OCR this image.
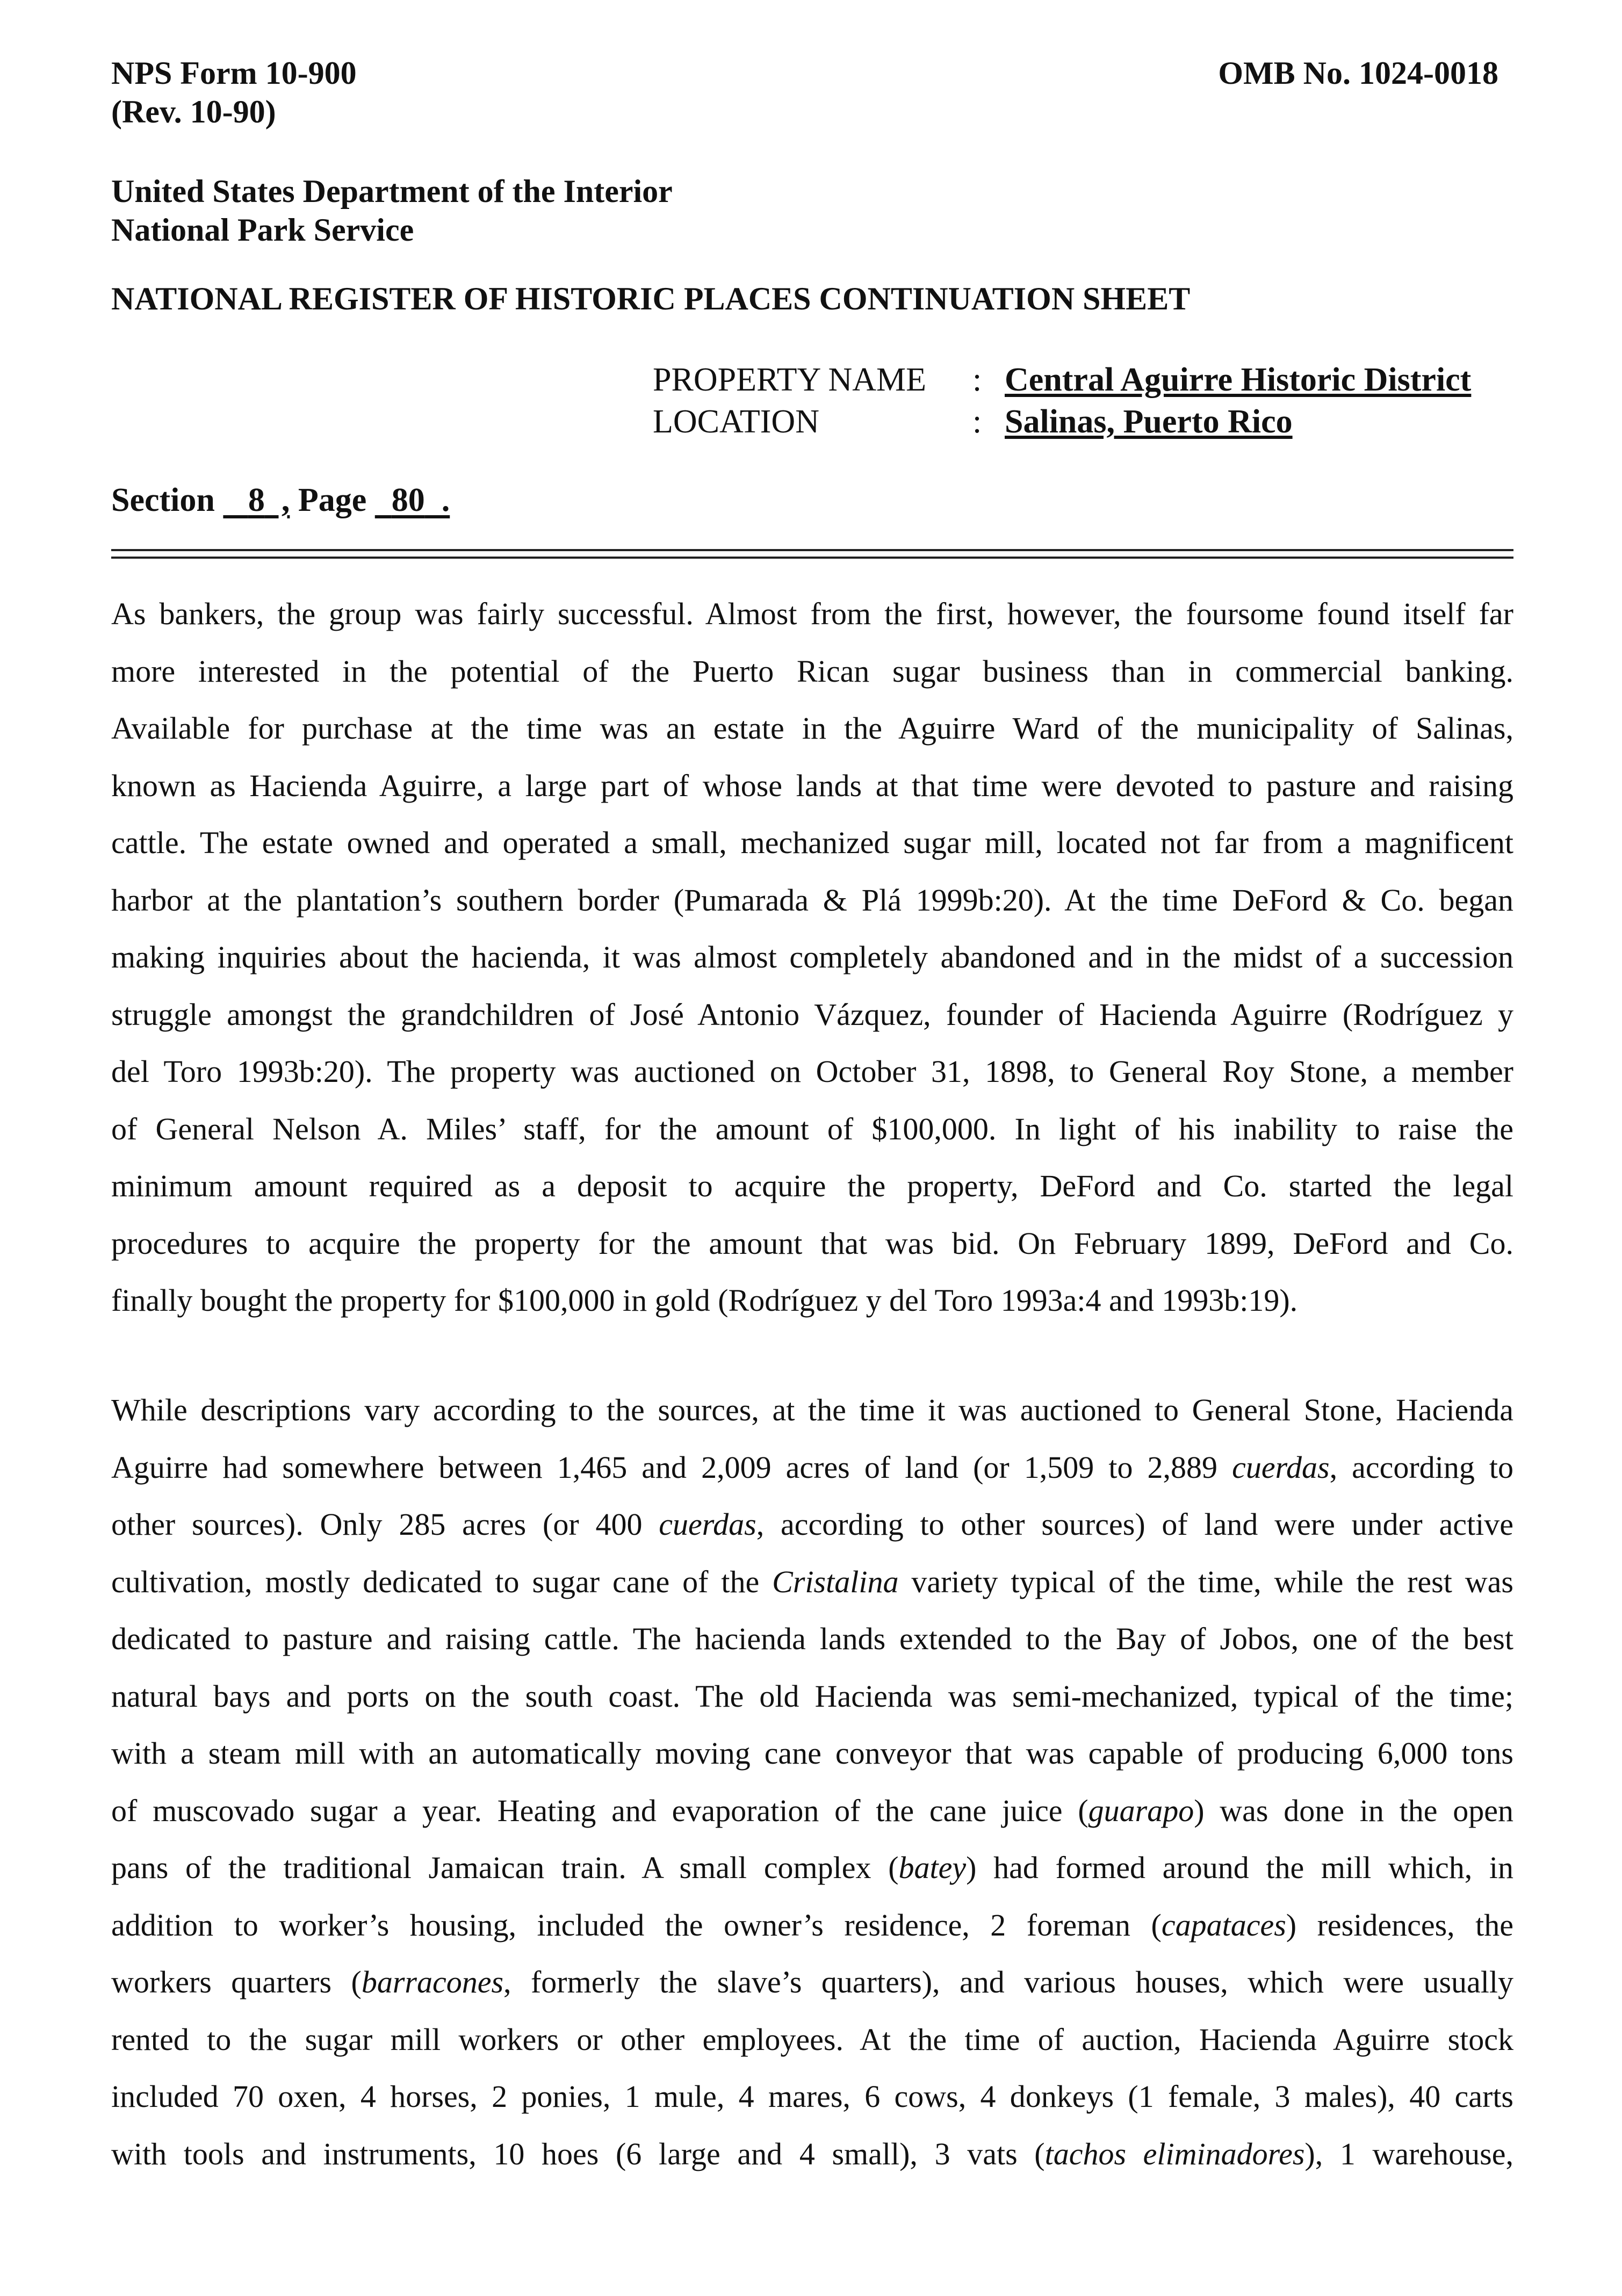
NPS Form 10-900
(Rev. 10-90)
OMB No. 1024-0018
United States Department of the Interior
National Park Service
NATIONAL REGISTER OF HISTORIC PLACES CONTINUATION SHEET
PROPERTY NAME : Central Aguirre Historic District
LOCATION	: Salinas, Puerto Rico
Section 8  , Page 80  .
As bankers, the group was fairly successful. Almost from the first, however, the foursome found itself far
more interested in the potential of the Puerto Rican sugar business than in commercial banking.
Available for purchase at the time was an estate in the Aguirre Ward of the municipality of Salinas,
known as Hacienda Aguirre, a large part of whose lands at that time were devoted to pasture and raising
cattle. The estate owned and operated a small, mechanized sugar mill, located not far from a magnificent
harbor at the plantation’s southern border (Pumarada & Plá 1999b:20). At the time DeFord & Co. began
making inquiries about the hacienda, it was almost completely abandoned and in the midst of a succession
struggle amongst the grandchildren of José Antonio Vázquez, founder of Hacienda Aguirre (Rodríguez y
del Toro 1993b:20). The property was auctioned on October 31, 1898, to General Roy Stone, a member
of General Nelson A. Miles’ staff, for the amount of $100,000. In light of his inability to raise the
minimum amount required as a deposit to acquire the property, DeFord and Co. started the legal
procedures to acquire the property for the amount that was bid. On February 1899, DeFord and Co.
finally bought the property for $100,000 in gold (Rodríguez y del Toro 1993a:4 and 1993b:19).
While descriptions vary according to the sources, at the time it was auctioned to General Stone, Hacienda
Aguirre had somewhere between 1,465 and 2,009 acres of land (or 1,509 to 2,889 cuerdas, according to
other sources). Only 285 acres (or 400 cuerdas, according to other sources) of land were under active
cultivation, mostly dedicated to sugar cane of the Cristalina variety typical of the time, while the rest was
dedicated to pasture and raising cattle. The hacienda lands extended to the Bay of Jobos, one of the best
natural bays and ports on the south coast. The old Hacienda was semi-mechanized, typical of the time;
with a steam mill with an automatically moving cane conveyor that was capable of producing 6,000 tons
of muscovado sugar a year. Heating and evaporation of the cane juice (guarapo) was done in the open
pans of the traditional Jamaican train. A small complex (batey) had formed around the mill which, in
addition to worker’s housing, included the owner’s residence, 2 foreman (capataces) residences, the
workers quarters (barracones, formerly the slave’s quarters), and various houses, which were usually
rented to the sugar mill workers or other employees. At the time of auction, Hacienda Aguirre stock
included 70 oxen, 4 horses, 2 ponies, 1 mule, 4 mares, 6 cows, 4 donkeys (1 female, 3 males), 40 carts
with tools and instruments, 10 hoes (6 large and 4 small), 3 vats (tachos eliminadores), 1 warehouse,
